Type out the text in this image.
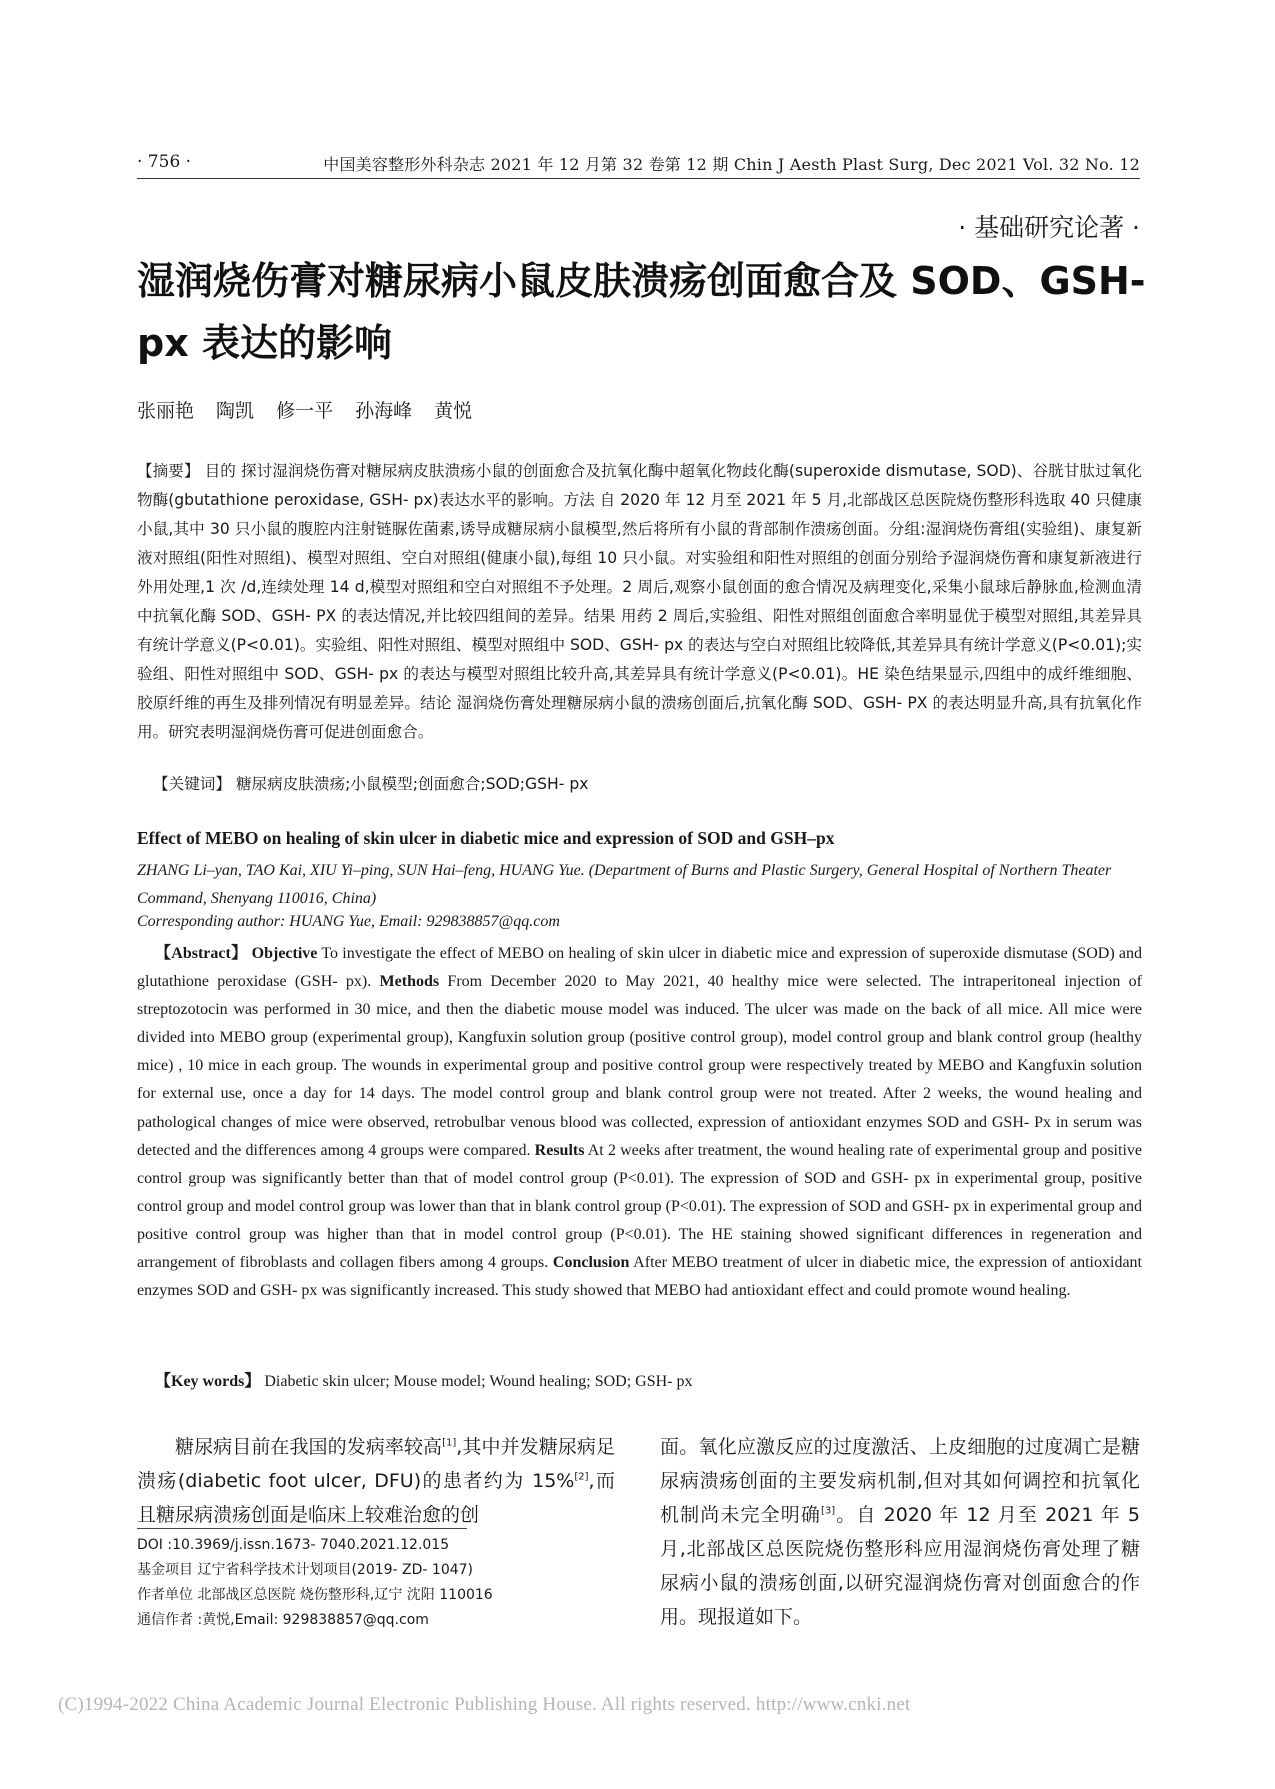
· 756 ·	中国美容整形外科杂志 2021 年 12 月第 32 卷第 12 期 Chin J Aesth Plast Surg, Dec 2021 Vol. 32 No. 12
· 基础研究论著 ·
湿润烧伤膏对糖尿病小鼠皮肤溃疡创面愈合及 SOD、GSH- px 表达的影响
张丽艳 陶凯 修一平 孙海峰 黄悦
【摘要】 目的 探讨湿润烧伤膏对糖尿病皮肤溃疡小鼠的创面愈合及抗氧化酶中超氧化物歧化酶(superoxide dismutase, SOD)、谷胱甘肽过氧化物酶(gbutathione peroxidase, GSH- px)表达水平的影响。方法 自 2020 年 12 月至 2021 年 5 月,北部战区总医院烧伤整形科选取 40 只健康小鼠,其中 30 只小鼠的腹腔内注射链脲佐菌素,诱导成糖尿病小鼠模型,然后将所有小鼠的背部制作溃疡创面。分组:湿润烧伤膏组(实验组)、康复新液对照组(阳性对照组)、模型对照组、空白对照组(健康小鼠),每组 10 只小鼠。对实验组和阳性对照组的创面分别给予湿润烧伤膏和康复新液进行外用处理,1 次 /d,连续处理 14 d,模型对照组和空白对照组不予处理。2 周后,观察小鼠创面的愈合情况及病理变化,采集小鼠球后静脉血,检测血清中抗氧化酶 SOD、GSH- PX 的表达情况,并比较四组间的差异。结果 用药 2 周后,实验组、阳性对照组创面愈合率明显优于模型对照组,其差异具有统计学意义(P<0.01)。实验组、阳性对照组、模型对照组中 SOD、GSH- px 的表达与空白对照组比较降低,其差异具有统计学意义(P<0.01);实验组、阳性对照组中 SOD、GSH- px 的表达与模型对照组比较升高,其差异具有统计学意义(P<0.01)。HE 染色结果显示,四组中的成纤维细胞、胶原纤维的再生及排列情况有明显差异。结论 湿润烧伤膏处理糖尿病小鼠的溃疡创面后,抗氧化酶 SOD、GSH- PX 的表达明显升高,具有抗氧化作用。研究表明湿润烧伤膏可促进创面愈合。
【关键词】 糖尿病皮肤溃疡;小鼠模型;创面愈合;SOD;GSH- px
Effect of MEBO on healing of skin ulcer in diabetic mice and expression of SOD and GSH–px
ZHANG Li–yan, TAO Kai, XIU Yi–ping, SUN Hai–feng, HUANG Yue. (Department of Burns and Plastic Surgery, General Hospital of Northern Theater Command, Shenyang 110016, China)
Corresponding author: HUANG Yue, Email: 929838857@qq.com
【Abstract】 Objective To investigate the effect of MEBO on healing of skin ulcer in diabetic mice and expression of superoxide dismutase (SOD) and glutathione peroxidase (GSH- px). Methods From December 2020 to May 2021, 40 healthy mice were selected. The intraperitoneal injection of streptozotocin was performed in 30 mice, and then the diabetic mouse model was induced. The ulcer was made on the back of all mice. All mice were divided into MEBO group (experimental group), Kangfuxin solution group (positive control group), model control group and blank control group (healthy mice) , 10 mice in each group. The wounds in experimental group and positive control group were respectively treated by MEBO and Kangfuxin solution for external use, once a day for 14 days. The model control group and blank control group were not treated. After 2 weeks, the wound healing and pathological changes of mice were observed, retrobulbar venous blood was collected, expression of antioxidant enzymes SOD and GSH- Px in serum was detected and the differences among 4 groups were compared. Results At 2 weeks after treatment, the wound healing rate of experimental group and positive control group was significantly better than that of model control group (P<0.01). The expression of SOD and GSH- px in experimental group, positive control group and model control group was lower than that in blank control group (P<0.01). The expression of SOD and GSH- px in experimental group and positive control group was higher than that in model control group (P<0.01). The HE staining showed significant differences in regeneration and arrangement of fibroblasts and collagen fibers among 4 groups. Conclusion After MEBO treatment of ulcer in diabetic mice, the expression of antioxidant enzymes SOD and GSH- px was significantly increased. This study showed that MEBO had antioxidant effect and could promote wound healing.
【Key words】 Diabetic skin ulcer; Mouse model; Wound healing; SOD; GSH- px
糖尿病目前在我国的发病率较高[1],其中并发糖尿病足溃疡(diabetic foot ulcer, DFU)的患者约为 15%[2],而且糖尿病溃疡创面是临床上较难治愈的创
DOI :10.3969/j.issn.1673- 7040.2021.12.015
基金项目 辽宁省科学技术计划项目(2019- ZD- 1047)
作者单位 北部战区总医院 烧伤整形科,辽宁 沈阳 110016
通信作者 :黄悦,Email: 929838857@qq.com
面。氧化应激反应的过度激活、上皮细胞的过度凋亡是糖尿病溃疡创面的主要发病机制,但对其如何调控和抗氧化机制尚未完全明确[3]。自 2020 年 12 月至 2021 年 5 月,北部战区总医院烧伤整形科应用湿润烧伤膏处理了糖尿病小鼠的溃疡创面,以研究湿润烧伤膏对创面愈合的作用。现报道如下。
(C)1994-2022 China Academic Journal Electronic Publishing House. All rights reserved. http://www.cnki.net
